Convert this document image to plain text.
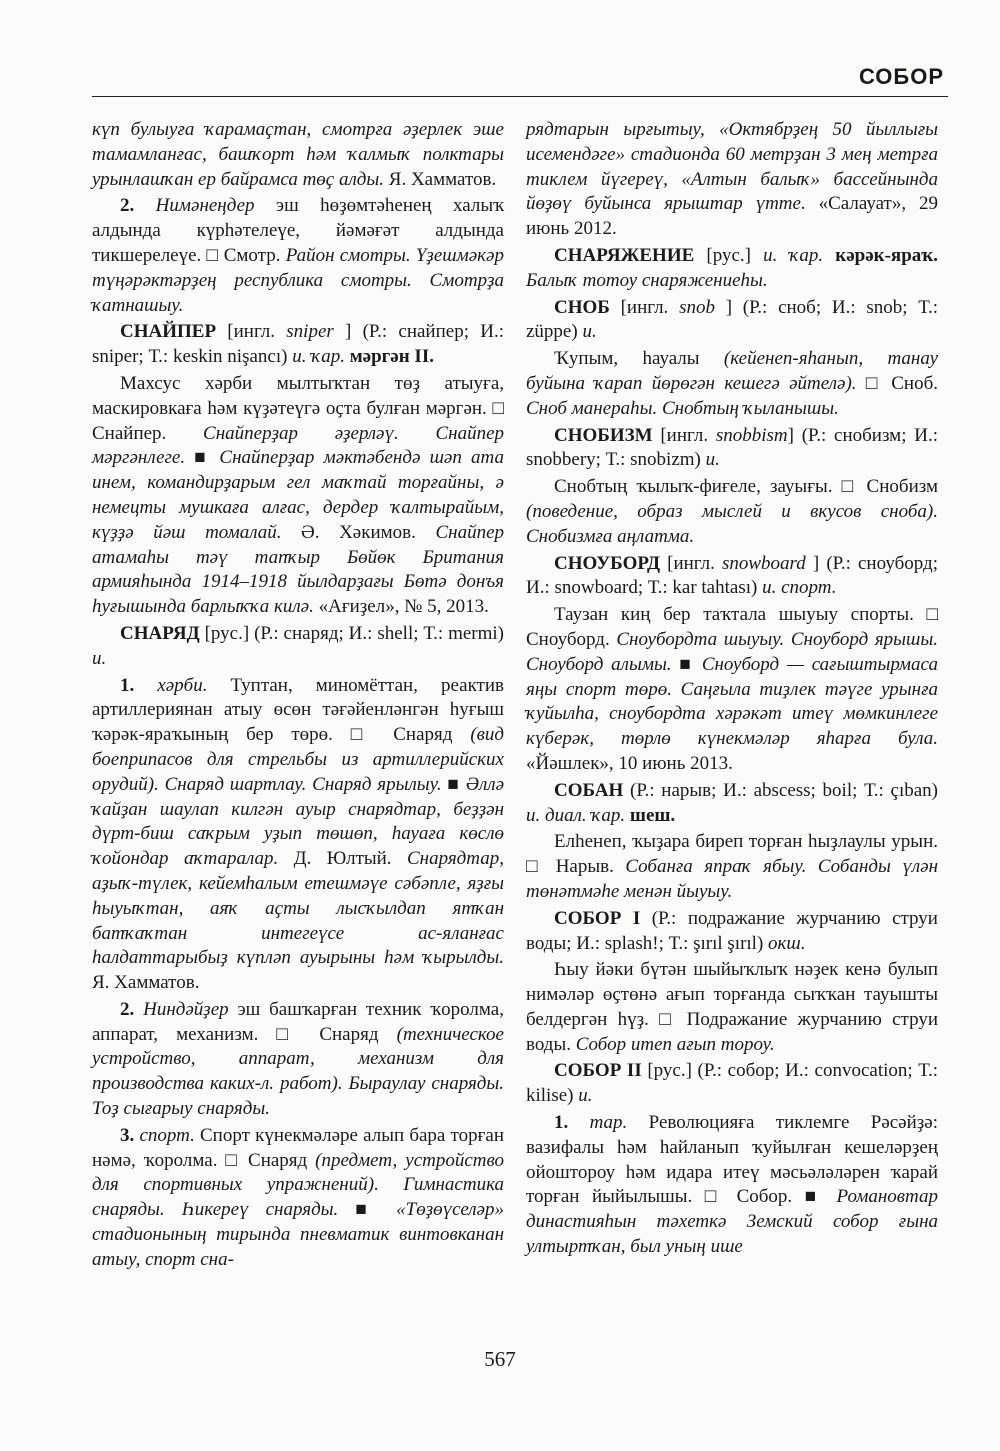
СОБОР

күп булыуға ҡарамаҫтан, смотрға әҙерлек эше тамамланғас, башҡорт һәм ҡалмыҡ полктары урынлашҡан ер байрамса төҫ алды. Я. Хамматов.

2. Нимәнеңдер эш һөҙөмтәһенең халыҡ алдында күрһәтелеүе, йәмәғәт алдында тикшерелеүе. □ Смотр. Район смотры. Үҙешмәкәр түңәрәктәрҙең республика смотры. Смотрҙа ҡатнашыу.

СНАЙПЕР [ингл. sniper ] (Р.: снайпер; И.: sniper; Т.: keskin nişancı) и. ҡар. мәргән II.

Махсус хәрби мылтыҡтан төҙ атыуға, маскировкаға һәм күҙәтеүгә оҫта булған мәргән. □ Снайпер. Снайперҙар әҙерләү. Снайпер мәргәнлеге. ■ Снайперҙар мәктәбендә шәп ата инем, командирҙарым гел маҡтай торғайны, ә немецты мушкаға алғас, дердер ҡалтырайым, күҙҙә йәш томалай. Ә. Хәкимов. Снайпер атамаһы тәү тапҡыр Бөйөк Британия армияһында 1914–1918 йылдарҙағы Бөтә донъя һуғышында барлыҡҡа килә. «Ағиҙел», № 5, 2013.

СНАРЯД [рус.] (Р.: снаряд; И.: shell; Т.: mermi) и.

1. хәрби. Туптан, миномёттан, реактив артиллериянан атыу өсөн тәғәйенләнгән һуғыш ҡәрәк-яраҡының бер төрө. □ Снаряд (вид боеприпасов для стрельбы из артиллерийских орудий). Снаряд шартлау. Снаряд ярылыу. ■ Әллә ҡайҙан шаулап килгән ауыр снарядтар, беҙҙән дүрт-биш саҡрым уҙып төшөп, һауаға көслө ҡойондар аҡтаралар. Д. Юлтый. Снарядтар, аҙыҡ-түлек, кейемһалым етешмәүе сәбәпле, яҙғы һыуыҡтан, аяҡ аҫты лысҡылдап ятҡан батҡаҡтан интегеүсе ас-яланғас һалдаттарыбыҙ күпләп ауырыны һәм ҡырылды. Я. Хамматов.

2. Ниндәйҙер эш башҡарған техник ҡоролма, аппарат, механизм. □ Снаряд (техническое устройство, аппарат, механизм для производства каких-л. работ). Быраулау снаряды. Тоҙ сығарыу снаряды.

3. спорт. Спорт күнекмәләре алып бара торған нәмә, ҡоролма. □ Снаряд (предмет, устройство для спортивных упражнений). Гимнастика снаряды. Һикереү снаряды. ■ «Төҙөүселәр» стадионының тирында пневматик винтовканан атыу, спорт сна-

рядтарын ырғытыу, «Октябрҙең 50 йыллығы исемендәге» стадионда 60 метрҙан 3 мең метрға тиклем йүгереү, «Алтын балыҡ» бассейнында йөҙөү буйынса ярыштар үтте. «Салауат», 29 июнь 2012.

СНАРЯЖЕНИЕ [рус.] и. ҡар. кәрәк-яраҡ. Балыҡ тотоу снаряжениеһы.

СНОБ [ингл. snob ] (Р.: сноб; И.: snob; Т.: züppe) и.

Ҡупым, һауалы (кейенеп-яһанып, танау буйына ҡарап йөрөгән кешегә әйтелә). □ Сноб. Сноб манераһы. Снобтың ҡыланышы.

СНОБИЗМ [ингл. snobbism] (Р.: снобизм; И.: snobbery; Т.: snobizm) и.

Снобтың ҡылыҡ-фиғеле, зауығы. □ Снобизм (поведение, образ мыслей и вкусов сноба). Снобизмға аңлатма.

СНОУБОРД [ингл. snowboard ] (Р.: сноуборд; И.: snowboard; Т.: kar tahtası) и. спорт.

Таузан киң бер таҡтала шыуыу спорты. □ Сноуборд. Сноубордта шыуыу. Сноуборд ярышы. Сноуборд алымы. ■ Сноуборд — сағыштырмаса яңы спорт төрө. Саңғыла тиҙлек тәүге урынға ҡуйылһа, сноубордта хәрәкәт итеү мөмкинлеге күберәк, төрлө күнекмәләр яһарға була. «Йәшлек», 10 июнь 2013.

СОБАН (Р.: нарыв; И.: abscess; boil; Т.: çıban) и. диал. ҡар. шеш.

Елһенеп, ҡыҙара биреп торған һыҙлаулы урын. □ Нарыв. Собанға япраҡ ябыу. Собанды үлән төнәтмәһе менән йыуыу.

СОБОР I (Р.: подражание журчанию струи воды; И.: splash!; Т.: şırıl şırıl) окш.

Һыу йәки бүтән шыйыҡлыҡ нәҙек кенә булып нимәләр өҫтөнә ағып торғанда сыҡҡан тауышты белдергән һүҙ. □ Подражание журчанию струи воды. Собор итеп ағып тороу.

СОБОР II [рус.] (Р.: собор; И.: convocation; Т.: kilise) и.

1. тар. Революцияға тиклемге Рәсәйҙә: вазифалы һәм һайланып ҡуйылған кешеләрҙең ойоштороу һәм идара итеү мәсьәләләрен ҡарай торған йыйылышы. □ Собор. ■ Романовтар династияһын тәхеткә Земский собор ғына ултыртҡан, был уның ише

567
